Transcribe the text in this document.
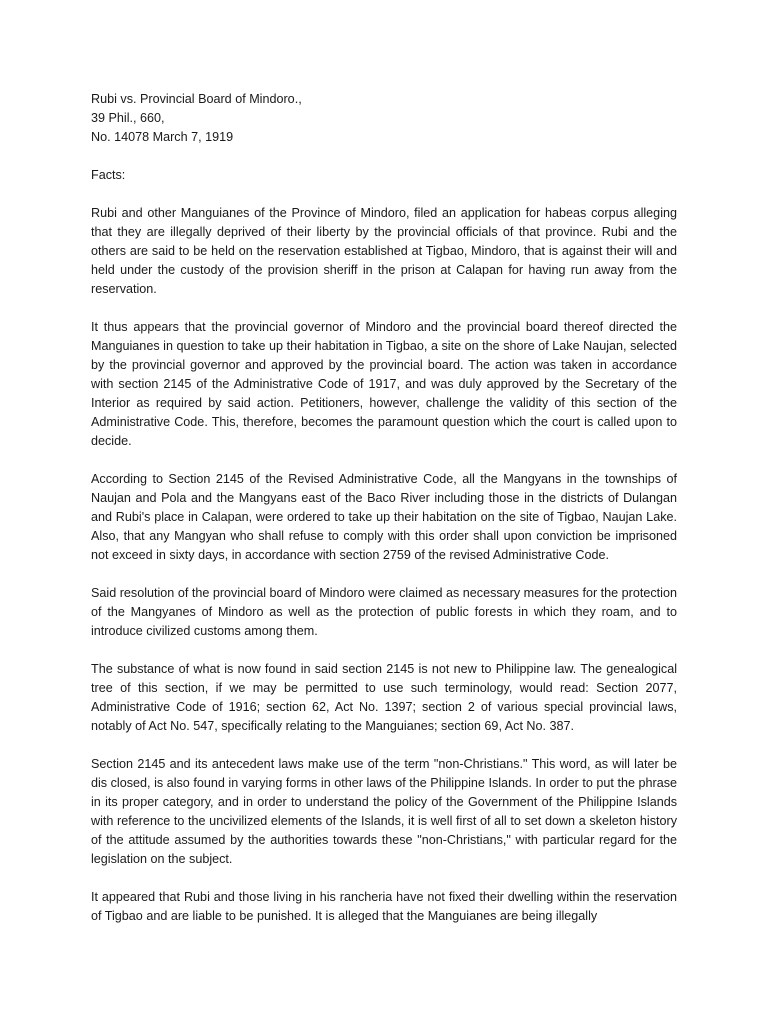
Rubi vs. Provincial Board of Mindoro.,
39 Phil., 660,
No. 14078 March 7, 1919
Facts:

Rubi and other Manguianes of the Province of Mindoro, filed an application for habeas corpus alleging that they are illegally deprived of their liberty by the provincial officials of that province. Rubi and the others are said to be held on the reservation established at Tigbao, Mindoro, that is against their will and held under the custody of the provision sheriff in the prison at Calapan for having run away from the reservation.

It thus appears that the provincial governor of Mindoro and the provincial board thereof directed the Manguianes in question to take up their habitation in Tigbao, a site on the shore of Lake Naujan, selected by the provincial governor and approved by the provincial board. The action was taken in accordance with section 2145 of the Administrative Code of 1917, and was duly approved by the Secretary of the Interior as required by said action. Petitioners, however, challenge the validity of this section of the Administrative Code. This, therefore, becomes the paramount question which the court is called upon to decide.

According to Section 2145 of the Revised Administrative Code, all the Mangyans in the townships of Naujan and Pola and the Mangyans east of the Baco River including those in the districts of Dulangan and Rubi's place in Calapan, were ordered to take up their habitation on the site of Tigbao, Naujan Lake. Also, that any Mangyan who shall refuse to comply with this order shall upon conviction be imprisoned not exceed in sixty days, in accordance with section 2759 of the revised Administrative Code.

Said resolution of the provincial board of Mindoro were claimed as necessary measures for the protection of the Mangyanes of Mindoro as well as the protection of public forests in which they roam, and to introduce civilized customs among them.

The substance of what is now found in said section 2145 is not new to Philippine law. The genealogical tree of this section, if we may be permitted to use such terminology, would read: Section 2077, Administrative Code of 1916; section 62, Act No. 1397; section 2 of various special provincial laws, notably of Act No. 547, specifically relating to the Manguianes; section 69, Act No. 387.

Section 2145 and its antecedent laws make use of the term "non-Christians." This word, as will later be dis closed, is also found in varying forms in other laws of the Philippine Islands. In order to put the phrase in its proper category, and in order to understand the policy of the Government of the Philippine Islands with reference to the uncivilized elements of the Islands, it is well first of all to set down a skeleton history of the attitude assumed by the authorities towards these "non-Christians," with particular regard for the legislation on the subject.

It appeared that Rubi and those living in his rancheria have not fixed their dwelling within the reservation of Tigbao and are liable to be punished. It is alleged that the Manguianes are being illegally
